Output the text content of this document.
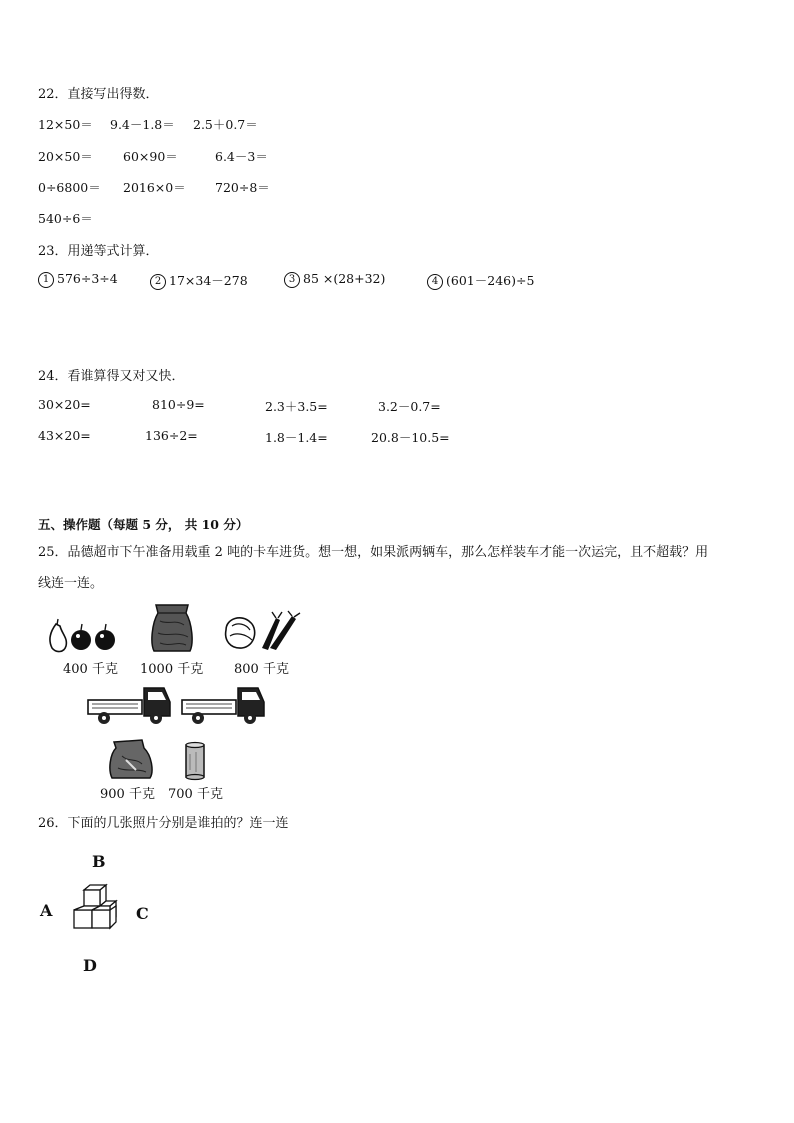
22．直接写出得数．
12×50＝ 9.4－1.8＝ 2.5＋0.7＝
20×50＝ 60×90＝	6.4－3＝
0÷6800＝ 2016×0＝ 720÷8＝
540÷6＝
23．用递等式计算．
1 576÷3÷4	2 17×34－278	3 85 ×(28+32)	4 (601－246)÷5
24．看谁算得又对又快．
30×20=	810÷9=	2.3＋3.5=	3.2－0.7=
43×20=	136÷2=	1.8－1.4=	20.8－10.5=
五、操作题（每题 5 分， 共 10 分）
25．品德超市下午准备用载重 2 吨的卡车进货。想一想，如果派两辆车，那么怎样装车才能一次运完，且不超载？用
线连一连。
400 千克 1000 千克 800 千克
900 千克 700 千克
26．下面的几张照片分别是谁拍的？连一连
B
A	C
D
